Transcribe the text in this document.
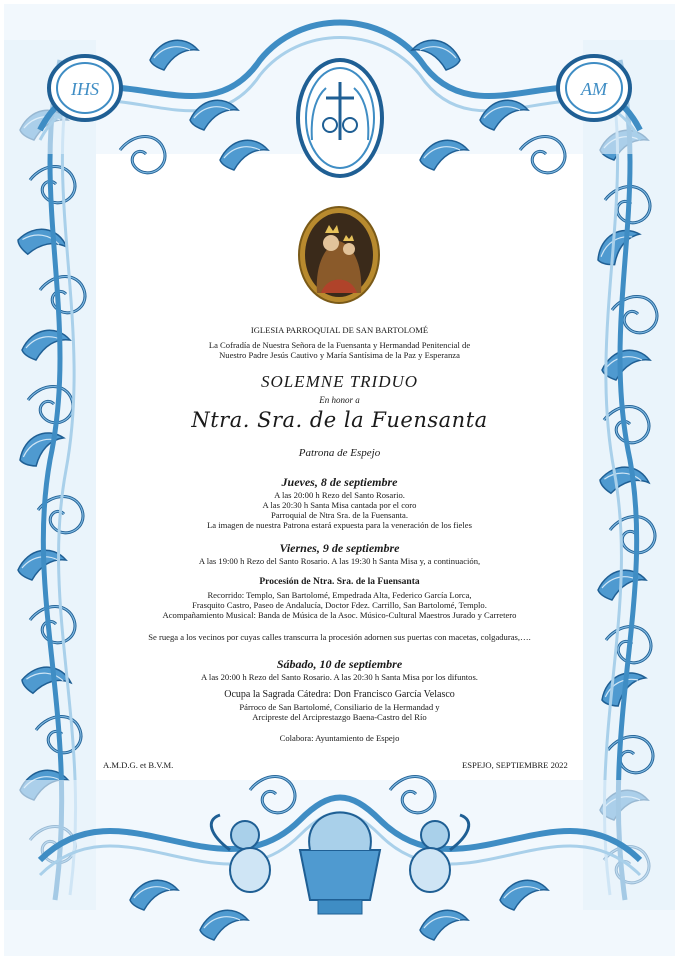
IHS	AM
IGLESIA PARROQUIAL DE SAN BARTOLOMÉ
La Cofradía de Nuestra Señora de la Fuensanta y Hermandad Penitencial de
Nuestro Padre Jesús Cautivo y María Santísima de la Paz y Esperanza
SOLEMNE TRIDUO
En honor a
Ntra. Sra. de la Fuensanta
Patrona de Espejo
Jueves, 8 de septiembre
A las 20:00 h Rezo del Santo Rosario.
A las 20:30 h Santa Misa cantada por el coro
Parroquial de Ntra Sra. de la Fuensanta.
La imagen de nuestra Patrona estará expuesta para la veneración de los fieles
Viernes, 9 de septiembre
A las 19:00 h Rezo del Santo Rosario. A las 19:30 h Santa Misa y, a continuación,
Procesión de Ntra. Sra. de la Fuensanta
Recorrido: Templo, San Bartolomé, Empedrada Alta, Federico García Lorca,
Frasquito Castro, Paseo de Andalucía, Doctor Fdez. Carrillo, San Bartolomé, Templo.
Acompañamiento Musical: Banda de Música de la Asoc. Músico-Cultural Maestros Jurado y Carretero
Se ruega a los vecinos por cuyas calles transcurra la procesión adornen sus puertas con macetas, colgaduras,….
Sábado, 10 de septiembre
A las 20:00 h Rezo del Santo Rosario. A las 20:30 h Santa Misa por los difuntos.
Ocupa la Sagrada Cátedra: Don Francisco García Velasco
Párroco de San Bartolomé, Consiliario de la Hermandad y
Arcipreste del Arciprestazgo Baena-Castro del Río
Colabora: Ayuntamiento de Espejo
A.M.D.G. et B.V.M.	ESPEJO, SEPTIEMBRE 2022
